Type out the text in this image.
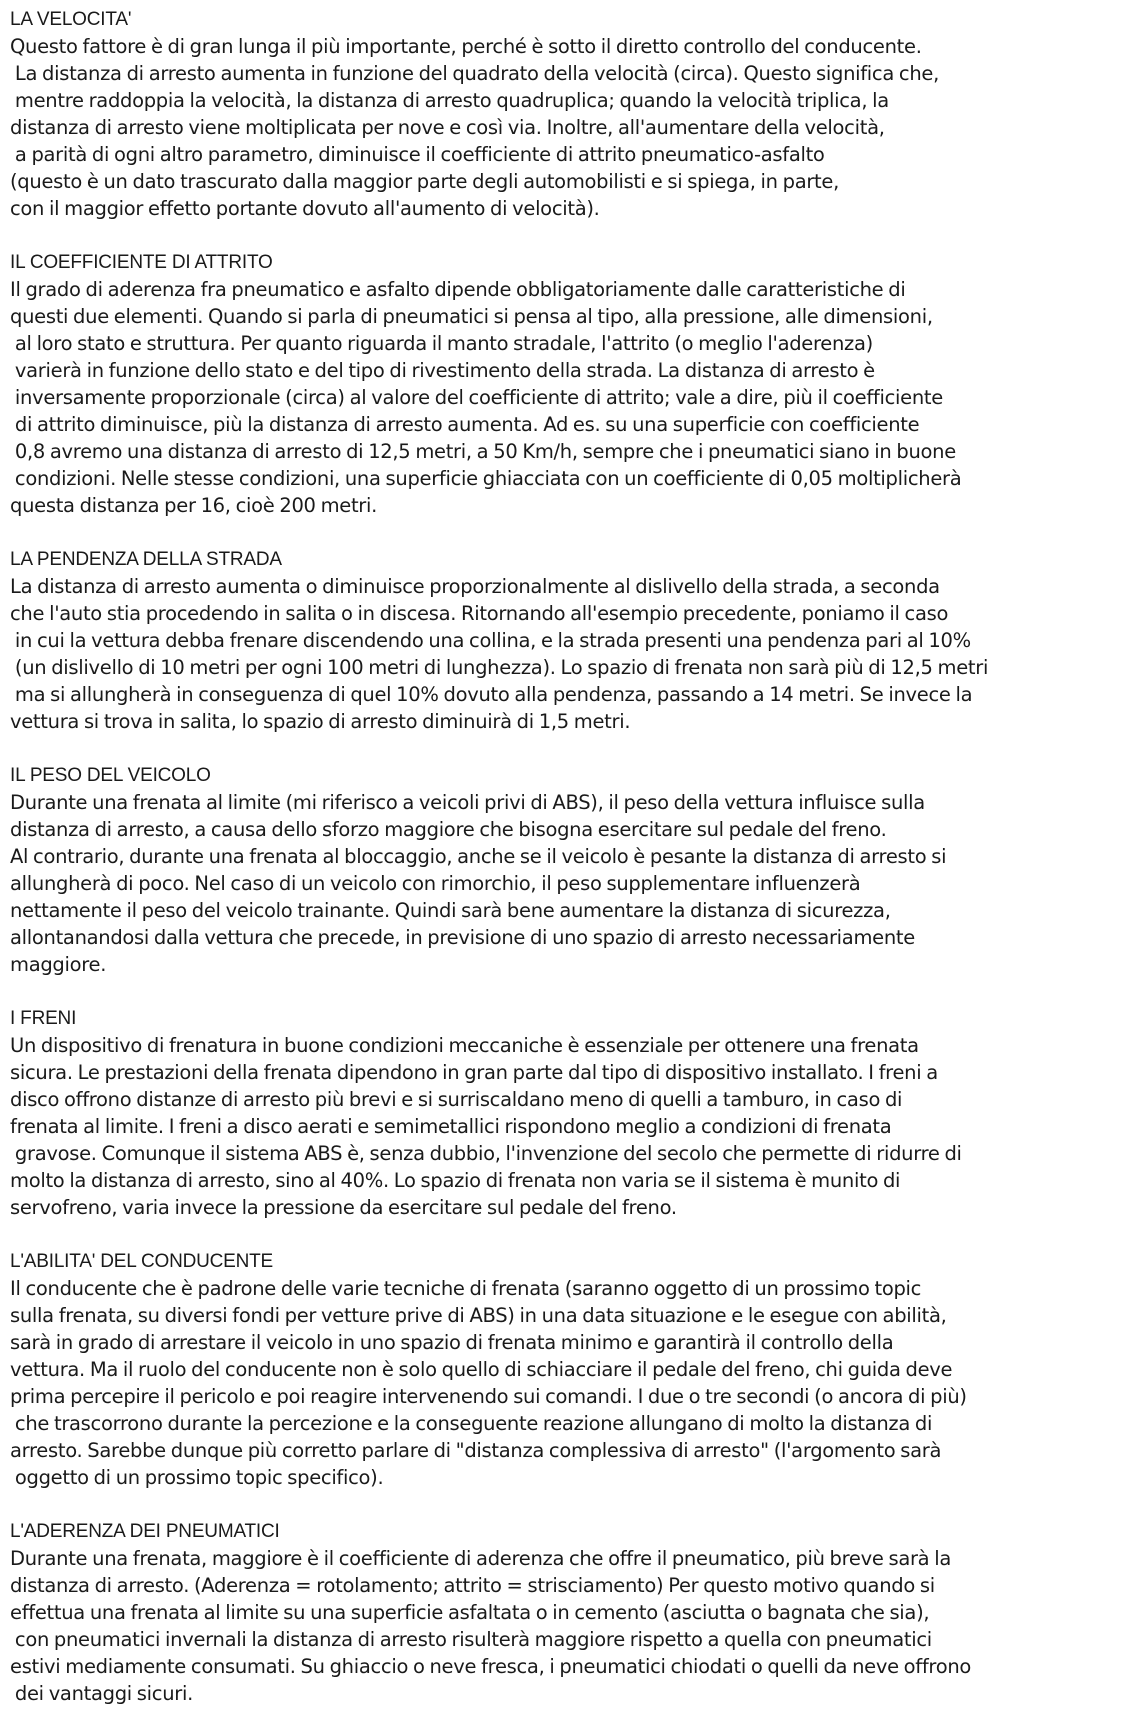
LA VELOCITA'
Questo fattore è di gran lunga il più importante, perché è sotto il diretto controllo del conducente.
La distanza di arresto aumenta in funzione del quadrato della velocità (circa). Questo significa che,
mentre raddoppia la velocità, la distanza di arresto quadruplica; quando la velocità triplica, la
distanza di arresto viene moltiplicata per nove e così via. Inoltre, all'aumentare della velocità,
a parità di ogni altro parametro, diminuisce il coefficiente di attrito pneumatico-asfalto
(questo è un dato trascurato dalla maggior parte degli automobilisti e si spiega, in parte,
con il maggior effetto portante dovuto all'aumento di velocità).
IL COEFFICIENTE DI ATTRITO
Il grado di aderenza fra pneumatico e asfalto dipende obbligatoriamente dalle caratteristiche di
questi due elementi. Quando si parla di pneumatici si pensa al tipo, alla pressione, alle dimensioni,
al loro stato e struttura. Per quanto riguarda il manto stradale, l'attrito (o meglio l'aderenza)
varierà in funzione dello stato e del tipo di rivestimento della strada. La distanza di arresto è
inversamente proporzionale (circa) al valore del coefficiente di attrito; vale a dire, più il coefficiente
di attrito diminuisce, più la distanza di arresto aumenta. Ad es. su una superficie con coefficiente
0,8 avremo una distanza di arresto di 12,5 metri, a 50 Km/h, sempre che i pneumatici siano in buone
condizioni. Nelle stesse condizioni, una superficie ghiacciata con un coefficiente di 0,05 moltiplicherà
questa distanza per 16, cioè 200 metri.
LA PENDENZA DELLA STRADA
La distanza di arresto aumenta o diminuisce proporzionalmente al dislivello della strada, a seconda
che l'auto stia procedendo in salita o in discesa. Ritornando all'esempio precedente, poniamo il caso
in cui la vettura debba frenare discendendo una collina, e la strada presenti una pendenza pari al 10%
(un dislivello di 10 metri per ogni 100 metri di lunghezza). Lo spazio di frenata non sarà più di 12,5 metri
ma si allungherà in conseguenza di quel 10% dovuto alla pendenza, passando a 14 metri. Se invece la
vettura si trova in salita, lo spazio di arresto diminuirà di 1,5 metri.
IL PESO DEL VEICOLO
Durante una frenata al limite (mi riferisco a veicoli privi di ABS), il peso della vettura influisce sulla
distanza di arresto, a causa dello sforzo maggiore che bisogna esercitare sul pedale del freno.
Al contrario, durante una frenata al bloccaggio, anche se il veicolo è pesante la distanza di arresto si
allungherà di poco. Nel caso di un veicolo con rimorchio, il peso supplementare influenzerà
nettamente il peso del veicolo trainante. Quindi sarà bene aumentare la distanza di sicurezza,
allontanandosi dalla vettura che precede, in previsione di uno spazio di arresto necessariamente
maggiore.
I FRENI
Un dispositivo di frenatura in buone condizioni meccaniche è essenziale per ottenere una frenata
sicura. Le prestazioni della frenata dipendono in gran parte dal tipo di dispositivo installato. I freni a
disco offrono distanze di arresto più brevi e si surriscaldano meno di quelli a tamburo, in caso di
frenata al limite. I freni a disco aerati e semimetallici rispondono meglio a condizioni di frenata
gravose. Comunque il sistema ABS è, senza dubbio, l'invenzione del secolo che permette di ridurre di
molto la distanza di arresto, sino al 40%. Lo spazio di frenata non varia se il sistema è munito di
servofreno, varia invece la pressione da esercitare sul pedale del freno.
L'ABILITA' DEL CONDUCENTE
Il conducente che è padrone delle varie tecniche di frenata (saranno oggetto di un prossimo topic
sulla frenata, su diversi fondi per vetture prive di ABS) in una data situazione e le esegue con abilità,
sarà in grado di arrestare il veicolo in uno spazio di frenata minimo e garantirà il controllo della
vettura. Ma il ruolo del conducente non è solo quello di schiacciare il pedale del freno, chi guida deve
prima percepire il pericolo e poi reagire intervenendo sui comandi. I due o tre secondi (o ancora di più)
che trascorrono durante la percezione e la conseguente reazione allungano di molto la distanza di
arresto. Sarebbe dunque più corretto parlare di "distanza complessiva di arresto" (l'argomento sarà
oggetto di un prossimo topic specifico).
L'ADERENZA DEI PNEUMATICI
Durante una frenata, maggiore è il coefficiente di aderenza che offre il pneumatico, più breve sarà la
distanza di arresto. (Aderenza = rotolamento; attrito = strisciamento) Per questo motivo quando si
effettua una frenata al limite su una superficie asfaltata o in cemento (asciutta o bagnata che sia),
con pneumatici invernali la distanza di arresto risulterà maggiore rispetto a quella con pneumatici
estivi mediamente consumati. Su ghiaccio o neve fresca, i pneumatici chiodati o quelli da neve offrono
dei vantaggi sicuri.
